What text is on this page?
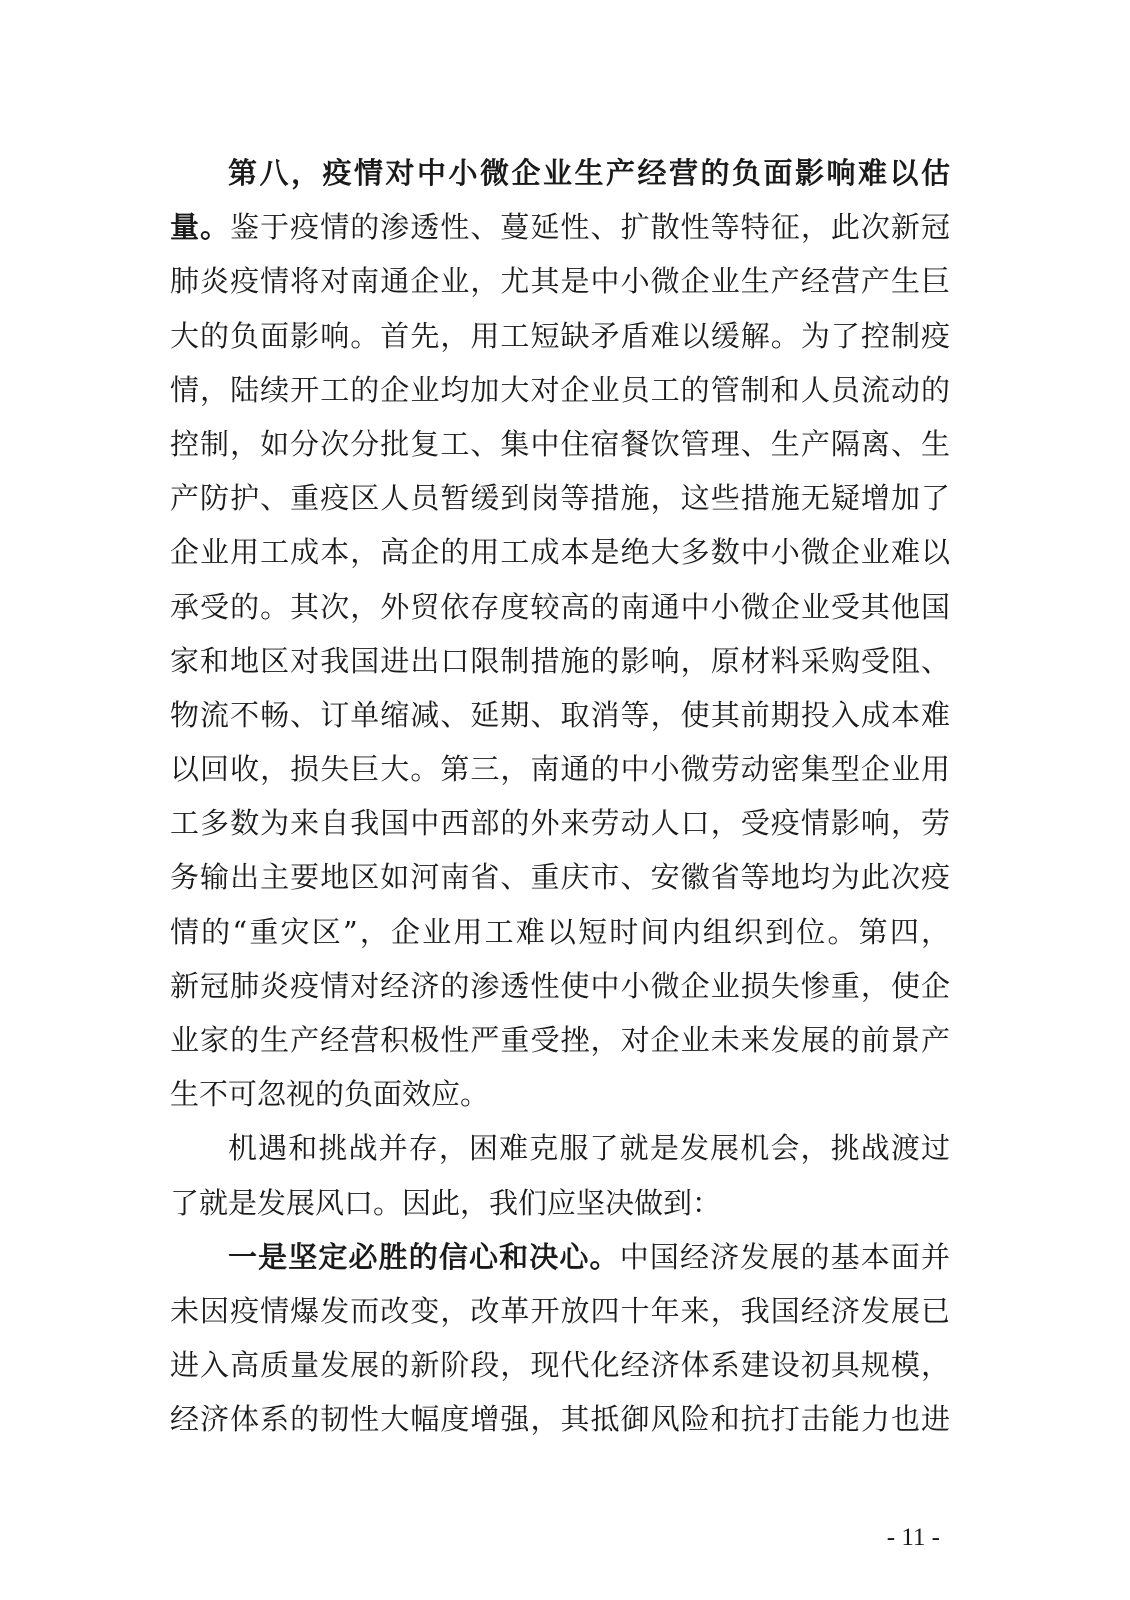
第八，疫情对中小微企业生产经营的负面影响难以估
量。鉴于疫情的渗透性、蔓延性、扩散性等特征，此次新冠
肺炎疫情将对南通企业，尤其是中小微企业生产经营产生巨
大的负面影响。首先，用工短缺矛盾难以缓解。为了控制疫
情，陆续开工的企业均加大对企业员工的管制和人员流动的
控制，如分次分批复工、集中住宿餐饮管理、生产隔离、生
产防护、重疫区人员暂缓到岗等措施，这些措施无疑增加了
企业用工成本，高企的用工成本是绝大多数中小微企业难以
承受的。其次，外贸依存度较高的南通中小微企业受其他国
家和地区对我国进出口限制措施的影响，原材料采购受阻、
物流不畅、订单缩减、延期、取消等，使其前期投入成本难
以回收，损失巨大。第三，南通的中小微劳动密集型企业用
工多数为来自我国中西部的外来劳动人口，受疫情影响，劳
务输出主要地区如河南省、重庆市、安徽省等地均为此次疫
情的“重灾区”，企业用工难以短时间内组织到位。第四，
新冠肺炎疫情对经济的渗透性使中小微企业损失惨重，使企
业家的生产经营积极性严重受挫，对企业未来发展的前景产
生不可忽视的负面效应。
机遇和挑战并存，困难克服了就是发展机会，挑战渡过
了就是发展风口。因此，我们应坚决做到：
一是坚定必胜的信心和决心。中国经济发展的基本面并
未因疫情爆发而改变，改革开放四十年来，我国经济发展已
进入高质量发展的新阶段，现代化经济体系建设初具规模，
经济体系的韧性大幅度增强，其抵御风险和抗打击能力也进
- 11 -
